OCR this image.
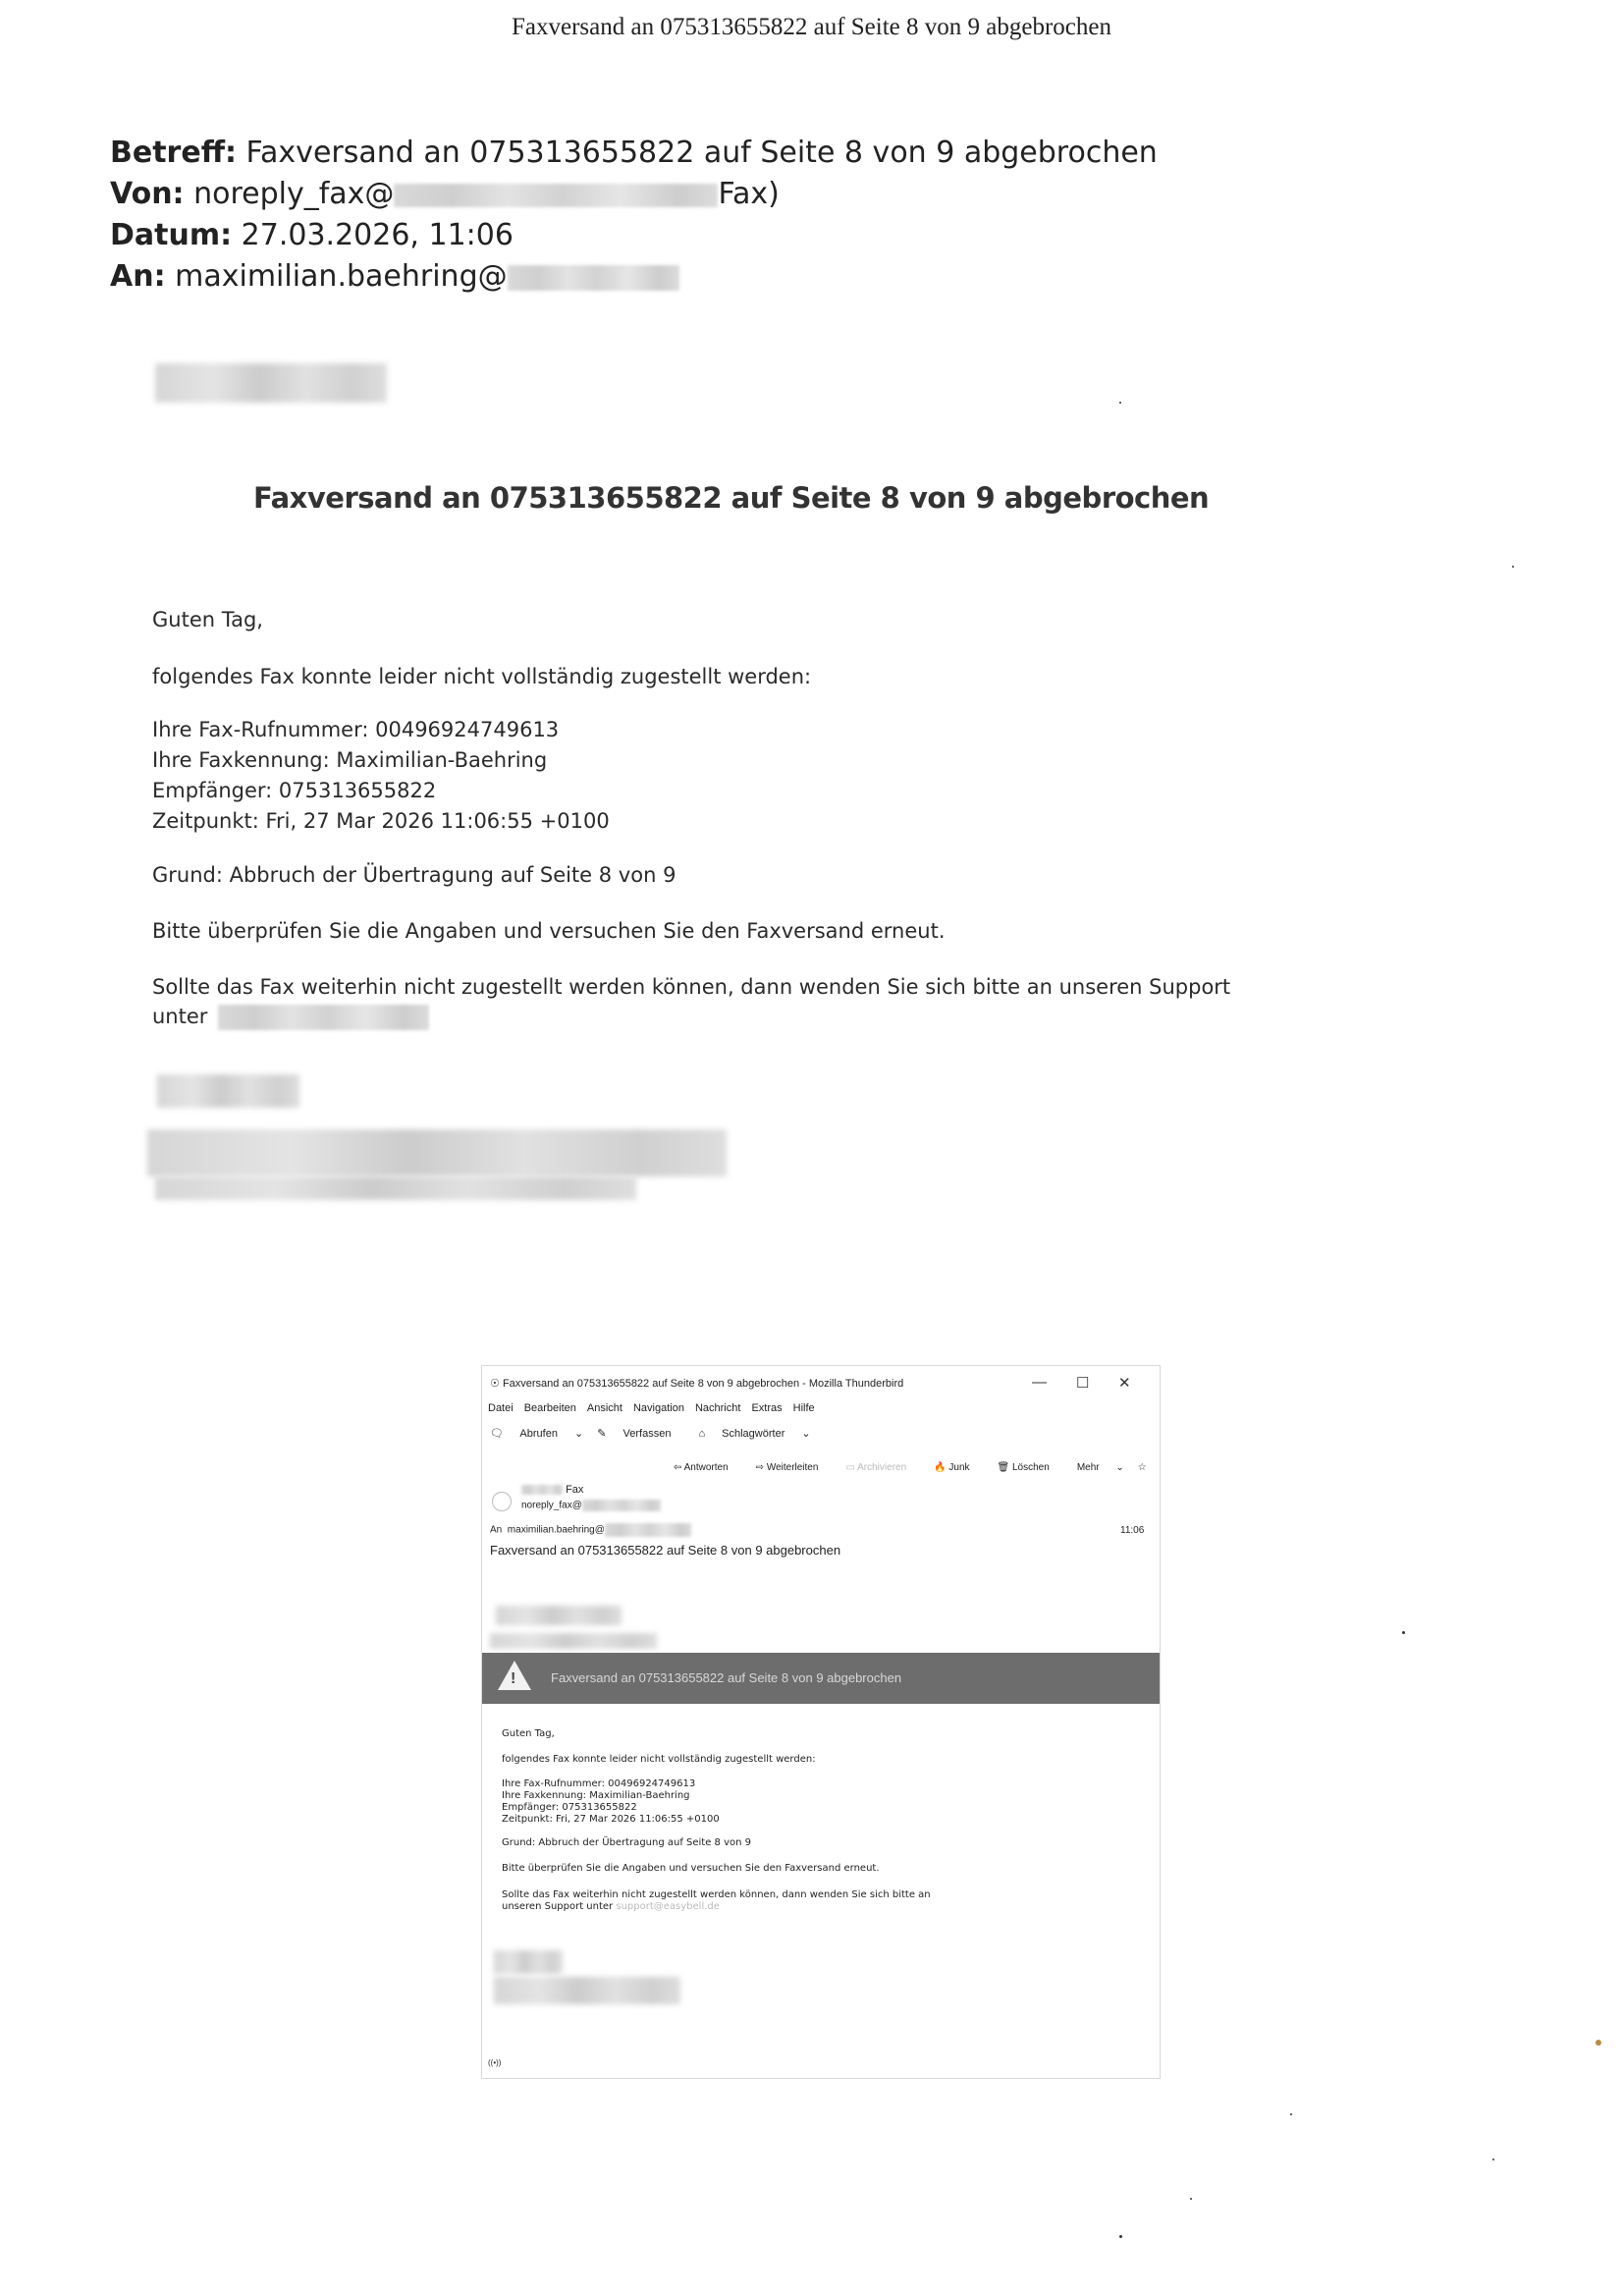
Faxversand an 075313655822 auf Seite 8 von 9 abgebrochen
Betreff: Faxversand an 075313655822 auf Seite 8 von 9 abgebrochen
Von: noreply_fax@	Fax)
Datum: 27.03.2026, 11:06
An: maximilian.baehring@
Faxversand an 075313655822 auf Seite 8 von 9 abgebrochen
Guten Tag,
folgendes Fax konnte leider nicht vollständig zugestellt werden:
Ihre Fax-Rufnummer: 00496924749613
Ihre Faxkennung: Maximilian-Baehring
Empfänger: 075313655822
Zeitpunkt: Fri, 27 Mar 2026 11:06:55 +0100
Grund: Abbruch der Übertragung auf Seite 8 von 9
Bitte überprüfen Sie die Angaben und versuchen Sie den Faxversand erneut.
Sollte das Fax weiterhin nicht zugestellt werden können, dann wenden Sie sich bitte an unseren Support
unter
☉ Faxversand an 075313655822 auf Seite 8 von 9 abgebrochen - Mozilla Thunderbird	— ☐ ✕
Datei Bearbeiten Ansicht Navigation Nachricht Extras Hilfe
🗨 Abrufen ⌄ ✎ Verfassen	⌂ Schlagwörter ⌄
⇦ Antworten	⇨ Weiterleiten	▭ Archivieren	🔥 Junk	🗑 Löschen	Mehr ⌄ ☆
Fax
noreply_fax@
An maximilian.baehring@	11:06
Faxversand an 075313655822 auf Seite 8 von 9 abgebrochen
!	Faxversand an 075313655822 auf Seite 8 von 9 abgebrochen
Guten Tag,
folgendes Fax konnte leider nicht vollständig zugestellt werden:
Ihre Fax-Rufnummer: 00496924749613
Ihre Faxkennung: Maximilian-Baehring
Empfänger: 075313655822
Zeitpunkt: Fri, 27 Mar 2026 11:06:55 +0100
Grund: Abbruch der Übertragung auf Seite 8 von 9
Bitte überprüfen Sie die Angaben und versuchen Sie den Faxversand erneut.
Sollte das Fax weiterhin nicht zugestellt werden können, dann wenden Sie sich bitte an
unseren Support unter support@easybell.de
((•))
